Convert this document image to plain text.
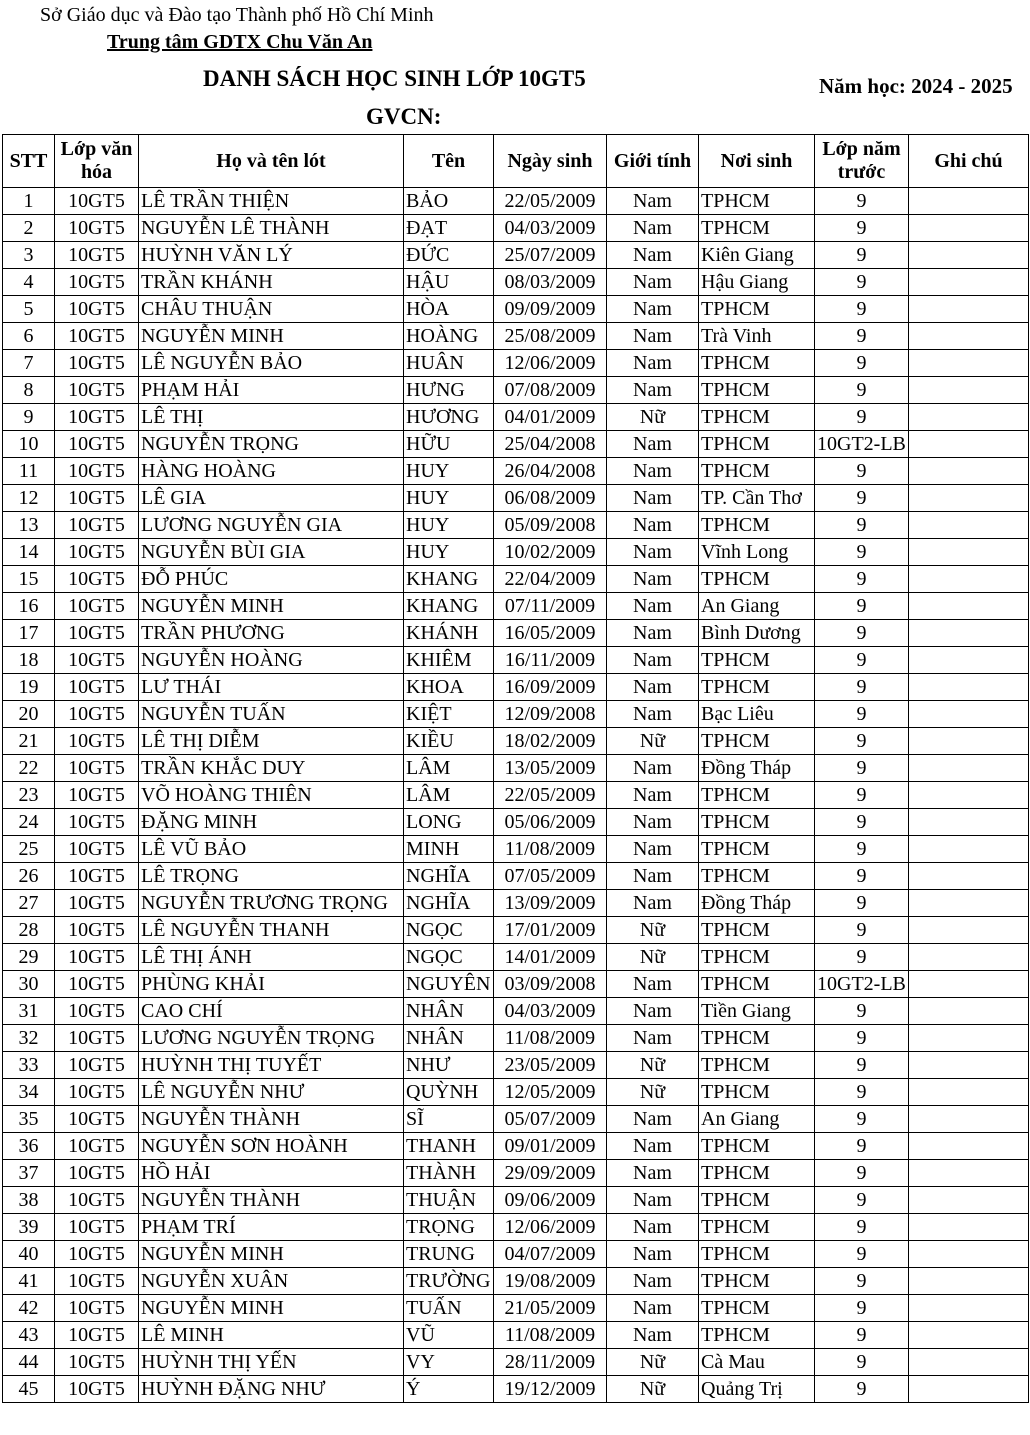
Sở Giáo dục và Đào tạo Thành phố Hồ Chí Minh
Trung tâm GDTX Chu Văn An
DANH SÁCH HỌC SINH LỚP 10GT5	Năm học: 2024 - 2025
GVCN:
STT	Lớp văn hóa	Họ và tên lót	Tên	Ngày sinh	Giới tính	Nơi sinh	Lớp năm trước	Ghi chú
1	10GT5	LÊ TRẦN THIỆN	BẢO	22/05/2009	Nam	TPHCM	9	
2	10GT5	NGUYỄN LÊ THÀNH	ĐẠT	04/03/2009	Nam	TPHCM	9	
3	10GT5	HUỲNH VĂN LÝ	ĐỨC	25/07/2009	Nam	Kiên Giang	9	
4	10GT5	TRẦN KHÁNH	HẬU	08/03/2009	Nam	Hậu Giang	9	
5	10GT5	CHÂU THUẬN	HÒA	09/09/2009	Nam	TPHCM	9	
6	10GT5	NGUYỄN MINH	HOÀNG	25/08/2009	Nam	Trà Vinh	9	
7	10GT5	LÊ NGUYỄN BẢO	HUÂN	12/06/2009	Nam	TPHCM	9	
8	10GT5	PHẠM HẢI	HƯNG	07/08/2009	Nam	TPHCM	9	
9	10GT5	LÊ THỊ	HƯƠNG	04/01/2009	Nữ	TPHCM	9	
10	10GT5	NGUYỄN TRỌNG	HỮU	25/04/2008	Nam	TPHCM	10GT2-LB	
11	10GT5	HÀNG HOÀNG	HUY	26/04/2008	Nam	TPHCM	9	
12	10GT5	LÊ GIA	HUY	06/08/2009	Nam	TP. Cần Thơ	9	
13	10GT5	LƯƠNG NGUYỄN GIA	HUY	05/09/2008	Nam	TPHCM	9	
14	10GT5	NGUYỄN BÙI GIA	HUY	10/02/2009	Nam	Vĩnh Long	9	
15	10GT5	ĐỖ PHÚC	KHANG	22/04/2009	Nam	TPHCM	9	
16	10GT5	NGUYỄN MINH	KHANG	07/11/2009	Nam	An Giang	9	
17	10GT5	TRẦN PHƯƠNG	KHÁNH	16/05/2009	Nam	Bình Dương	9	
18	10GT5	NGUYỄN HOÀNG	KHIÊM	16/11/2009	Nam	TPHCM	9	
19	10GT5	LƯ THÁI	KHOA	16/09/2009	Nam	TPHCM	9	
20	10GT5	NGUYỄN TUẤN	KIỆT	12/09/2008	Nam	Bạc Liêu	9	
21	10GT5	LÊ THỊ DIỄM	KIỀU	18/02/2009	Nữ	TPHCM	9	
22	10GT5	TRẦN KHẮC DUY	LÂM	13/05/2009	Nam	Đồng Tháp	9	
23	10GT5	VÕ HOÀNG THIÊN	LÂM	22/05/2009	Nam	TPHCM	9	
24	10GT5	ĐẶNG MINH	LONG	05/06/2009	Nam	TPHCM	9	
25	10GT5	LÊ VŨ BẢO	MINH	11/08/2009	Nam	TPHCM	9	
26	10GT5	LÊ TRỌNG	NGHĨA	07/05/2009	Nam	TPHCM	9	
27	10GT5	NGUYỄN TRƯƠNG TRỌNG	NGHĨA	13/09/2009	Nam	Đồng Tháp	9	
28	10GT5	LÊ NGUYỄN THANH	NGỌC	17/01/2009	Nữ	TPHCM	9	
29	10GT5	LÊ THỊ ÁNH	NGỌC	14/01/2009	Nữ	TPHCM	9	
30	10GT5	PHÙNG KHẢI	NGUYÊN	03/09/2008	Nam	TPHCM	10GT2-LB	
31	10GT5	CAO CHÍ	NHÂN	04/03/2009	Nam	Tiền Giang	9	
32	10GT5	LƯƠNG NGUYỄN TRỌNG	NHÂN	11/08/2009	Nam	TPHCM	9	
33	10GT5	HUỲNH THỊ TUYẾT	NHƯ	23/05/2009	Nữ	TPHCM	9	
34	10GT5	LÊ NGUYỄN NHƯ	QUỲNH	12/05/2009	Nữ	TPHCM	9	
35	10GT5	NGUYỄN THÀNH	SĨ	05/07/2009	Nam	An Giang	9	
36	10GT5	NGUYỄN SƠN HOÀNH	THANH	09/01/2009	Nam	TPHCM	9	
37	10GT5	HỒ HẢI	THÀNH	29/09/2009	Nam	TPHCM	9	
38	10GT5	NGUYỄN THÀNH	THUẬN	09/06/2009	Nam	TPHCM	9	
39	10GT5	PHẠM TRÍ	TRỌNG	12/06/2009	Nam	TPHCM	9	
40	10GT5	NGUYỄN MINH	TRUNG	04/07/2009	Nam	TPHCM	9	
41	10GT5	NGUYỄN XUÂN	TRƯỜNG	19/08/2009	Nam	TPHCM	9	
42	10GT5	NGUYỄN MINH	TUẤN	21/05/2009	Nam	TPHCM	9	
43	10GT5	LÊ MINH	VŨ	11/08/2009	Nam	TPHCM	9	
44	10GT5	HUỲNH THỊ YẾN	VY	28/11/2009	Nữ	Cà Mau	9	
45	10GT5	HUỲNH ĐẶNG NHƯ	Ý	19/12/2009	Nữ	Quảng Trị	9	
